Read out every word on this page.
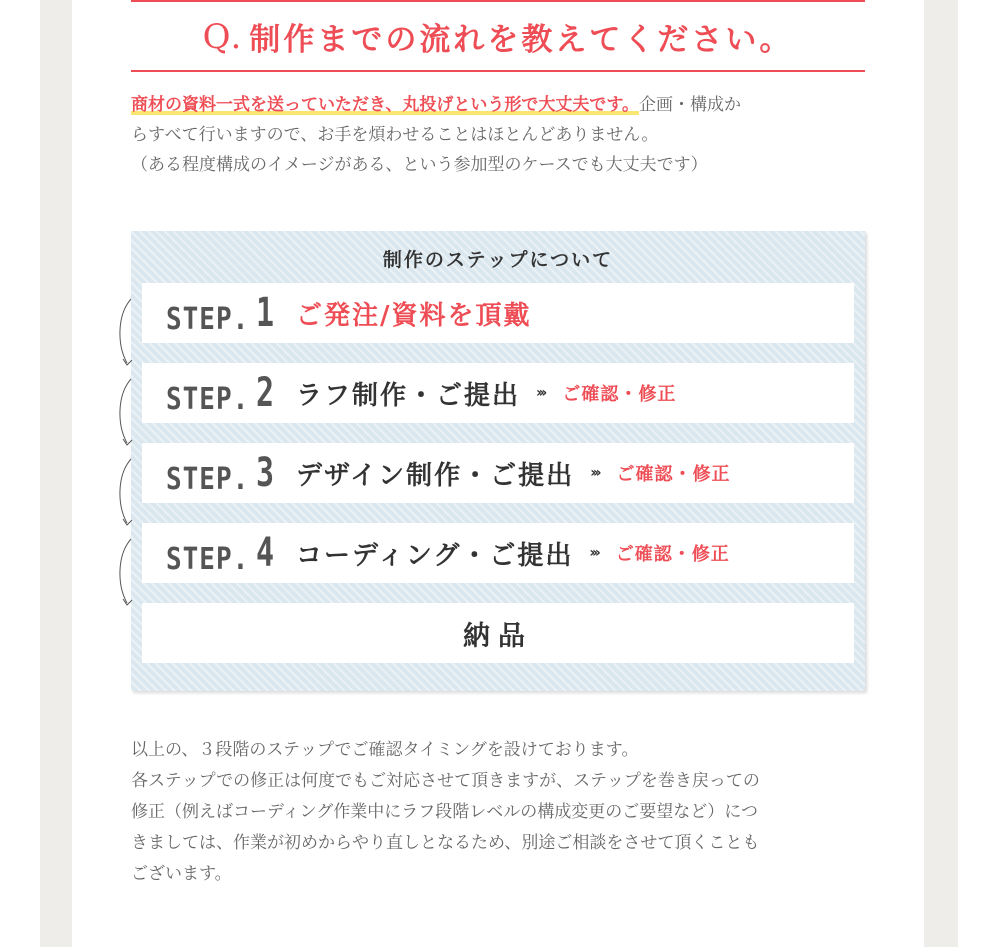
Q. 制作までの流れを教えてください。
商材の資料一式を送っていただき、丸投げという形で大丈夫です。企画・構成か
らすべて行いますので、お手を煩わせることはほとんどありません。
（ある程度構成のイメージがある、という参加型のケースでも大丈夫です）
制作のステップについて
STEP. 1 ご発注/資料を頂戴
STEP. 2 ラフ制作・ご提出 ››› ご確認・修正
STEP. 3 デザイン制作・ご提出 ››› ご確認・修正
STEP. 4 コーディング・ご提出 ››› ご確認・修正
納品
以上の、３段階のステップでご確認タイミングを設けております。
各ステップでの修正は何度でもご対応させて頂きますが、ステップを巻き戻っての
修正（例えばコーディング作業中にラフ段階レベルの構成変更のご要望など）につ
きましては、作業が初めからやり直しとなるため、別途ご相談をさせて頂くことも
ございます。
